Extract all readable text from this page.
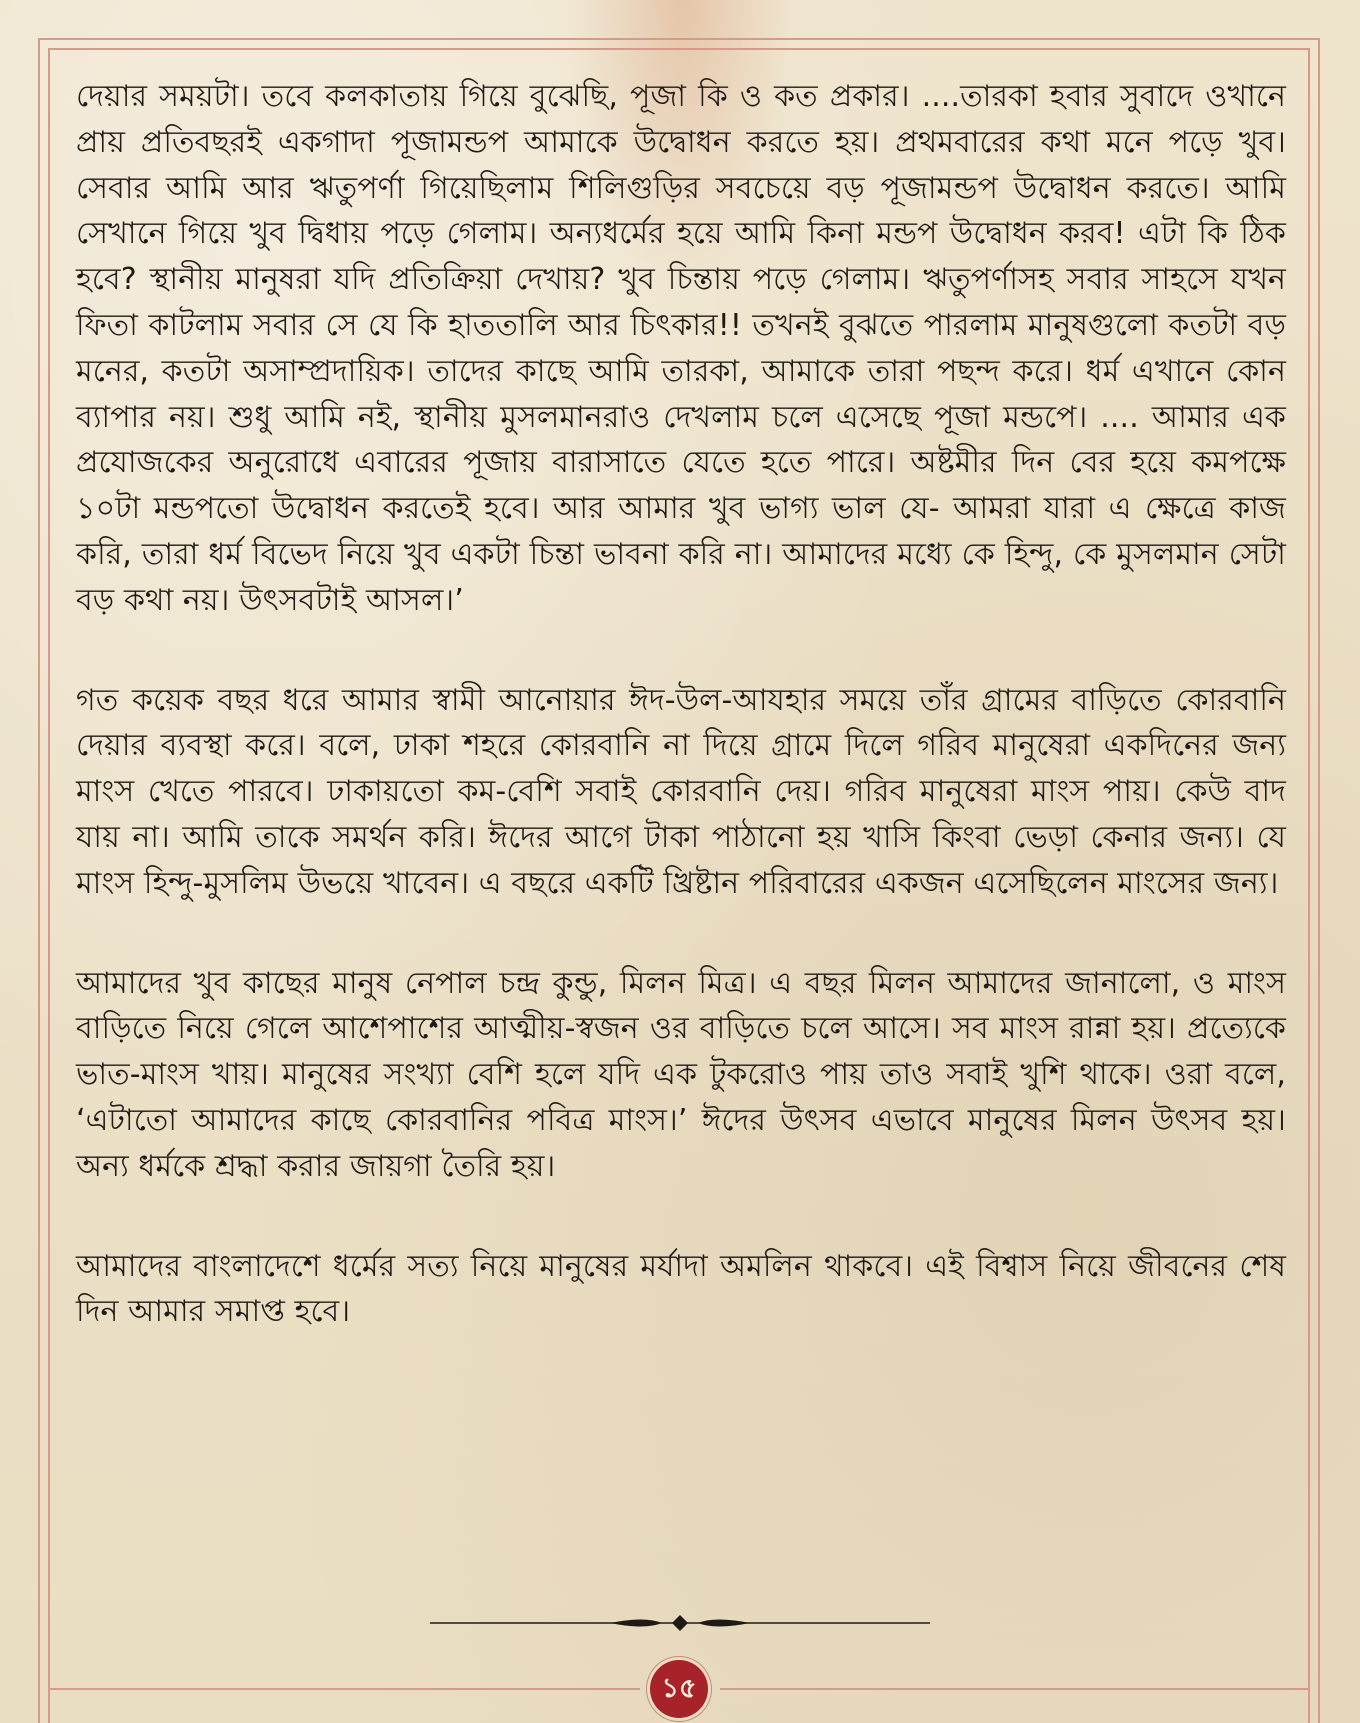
দেয়ার সময়টা। তবে কলকাতায় গিয়ে বুঝেছি, পূজা কি ও কত প্রকার। ....তারকা হবার সুবাদে ওখানে প্রায় প্রতিবছরই একগাদা পূজামন্ডপ আমাকে উদ্বোধন করতে হয়। প্রথমবারের কথা মনে পড়ে খুব। সেবার আমি আর ঋতুপর্ণা গিয়েছিলাম শিলিগুড়ির সবচেয়ে বড় পূজামন্ডপ উদ্বোধন করতে। আমি সেখানে গিয়ে খুব দ্বিধায় পড়ে গেলাম। অন্যধর্মের হয়ে আমি কিনা মন্ডপ উদ্বোধন করব! এটা কি ঠিক হবে? স্থানীয় মানুষরা যদি প্রতিক্রিয়া দেখায়? খুব চিন্তায় পড়ে গেলাম। ঋতুপর্ণাসহ সবার সাহসে যখন ফিতা কাটলাম সবার সে যে কি হাততালি আর চিৎকার!! তখনই বুঝতে পারলাম মানুষগুলো কতটা বড় মনের, কতটা অসাম্প্রদায়িক। তাদের কাছে আমি তারকা, আমাকে তারা পছন্দ করে। ধর্ম এখানে কোন ব্যাপার নয়। শুধু আমি নই, স্থানীয় মুসলমানরাও দেখলাম চলে এসেছে পূজা মন্ডপে। .... আমার এক প্রযোজকের অনুরোধে এবারের পূজায় বারাসাতে যেতে হতে পারে। অষ্টমীর দিন বের হয়ে কমপক্ষে ১০টা মন্ডপতো উদ্বোধন করতেই হবে। আর আমার খুব ভাগ্য ভাল যে- আমরা যারা এ ক্ষেত্রে কাজ করি, তারা ধর্ম বিভেদ নিয়ে খুব একটা চিন্তা ভাবনা করি না। আমাদের মধ্যে কে হিন্দু, কে মুসলমান সেটা বড় কথা নয়। উৎসবটাই আসল।’

গত কয়েক বছর ধরে আমার স্বামী আনোয়ার ঈদ-উল-আযহার সময়ে তাঁর গ্রামের বাড়িতে কোরবানি দেয়ার ব্যবস্থা করে। বলে, ঢাকা শহরে কোরবানি না দিয়ে গ্রামে দিলে গরিব মানুষেরা একদিনের জন্য মাংস খেতে পারবে। ঢাকায়তো কম-বেশি সবাই কোরবানি দেয়। গরিব মানুষেরা মাংস পায়। কেউ বাদ যায় না। আমি তাকে সমর্থন করি। ঈদের আগে টাকা পাঠানো হয় খাসি কিংবা ভেড়া কেনার জন্য। যে মাংস হিন্দু-মুসলিম উভয়ে খাবেন। এ বছরে একটি খ্রিষ্টান পরিবারের একজন এসেছিলেন মাংসের জন্য।

আমাদের খুব কাছের মানুষ নেপাল চন্দ্র কুন্ডু, মিলন মিত্র। এ বছর মিলন আমাদের জানালো, ও মাংস বাড়িতে নিয়ে গেলে আশেপাশের আত্মীয়-স্বজন ওর বাড়িতে চলে আসে। সব মাংস রান্না হয়। প্রত্যেকে ভাত-মাংস খায়। মানুষের সংখ্যা বেশি হলে যদি এক টুকরোও পায় তাও সবাই খুশি থাকে। ওরা বলে, ‘এটাতো আমাদের কাছে কোরবানির পবিত্র মাংস।’ ঈদের উৎসব এভাবে মানুষের মিলন উৎসব হয়। অন্য ধর্মকে শ্রদ্ধা করার জায়গা তৈরি হয়।

আমাদের বাংলাদেশে ধর্মের সত্য নিয়ে মানুষের মর্যাদা অমলিন থাকবে। এই বিশ্বাস নিয়ে জীবনের শেষ দিন আমার সমাপ্ত হবে।

১৫
